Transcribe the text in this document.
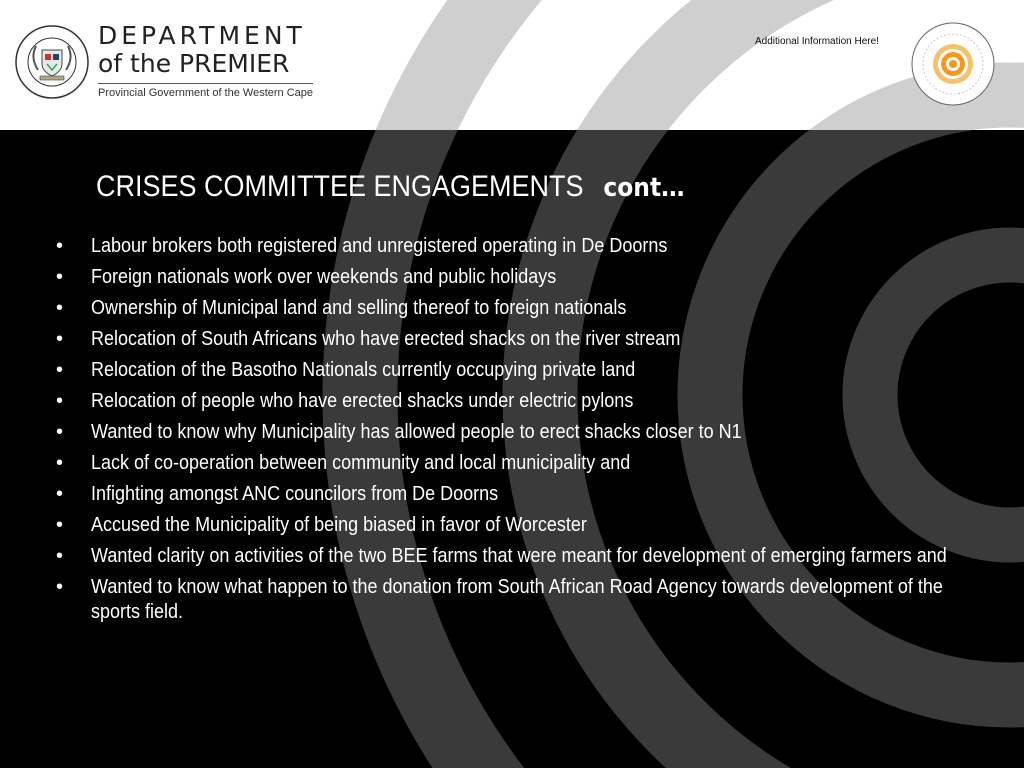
DEPARTMENT
of the PREMIER
Provincial Government of the Western Cape
Additional Information Here!
CRISES COMMITTEE ENGAGEMENTS cont…
• Labour brokers both registered and unregistered operating in De Doorns
• Foreign nationals work over weekends and public holidays
• Ownership of Municipal land and selling thereof to foreign nationals
• Relocation of South Africans who have erected shacks on the river stream
• Relocation of the Basotho Nationals currently occupying private land
• Relocation of people who have erected shacks under electric pylons
• Wanted to know why Municipality has allowed people to erect shacks closer to N1
• Lack of co-operation between community and local municipality and
• Infighting amongst ANC councilors from De Doorns
• Accused the Municipality of being biased in favor of Worcester
• Wanted clarity on activities of the two BEE farms that were meant for development of emerging farmers and
• Wanted to know what happen to the donation from South African Road Agency towards development of the sports field.
